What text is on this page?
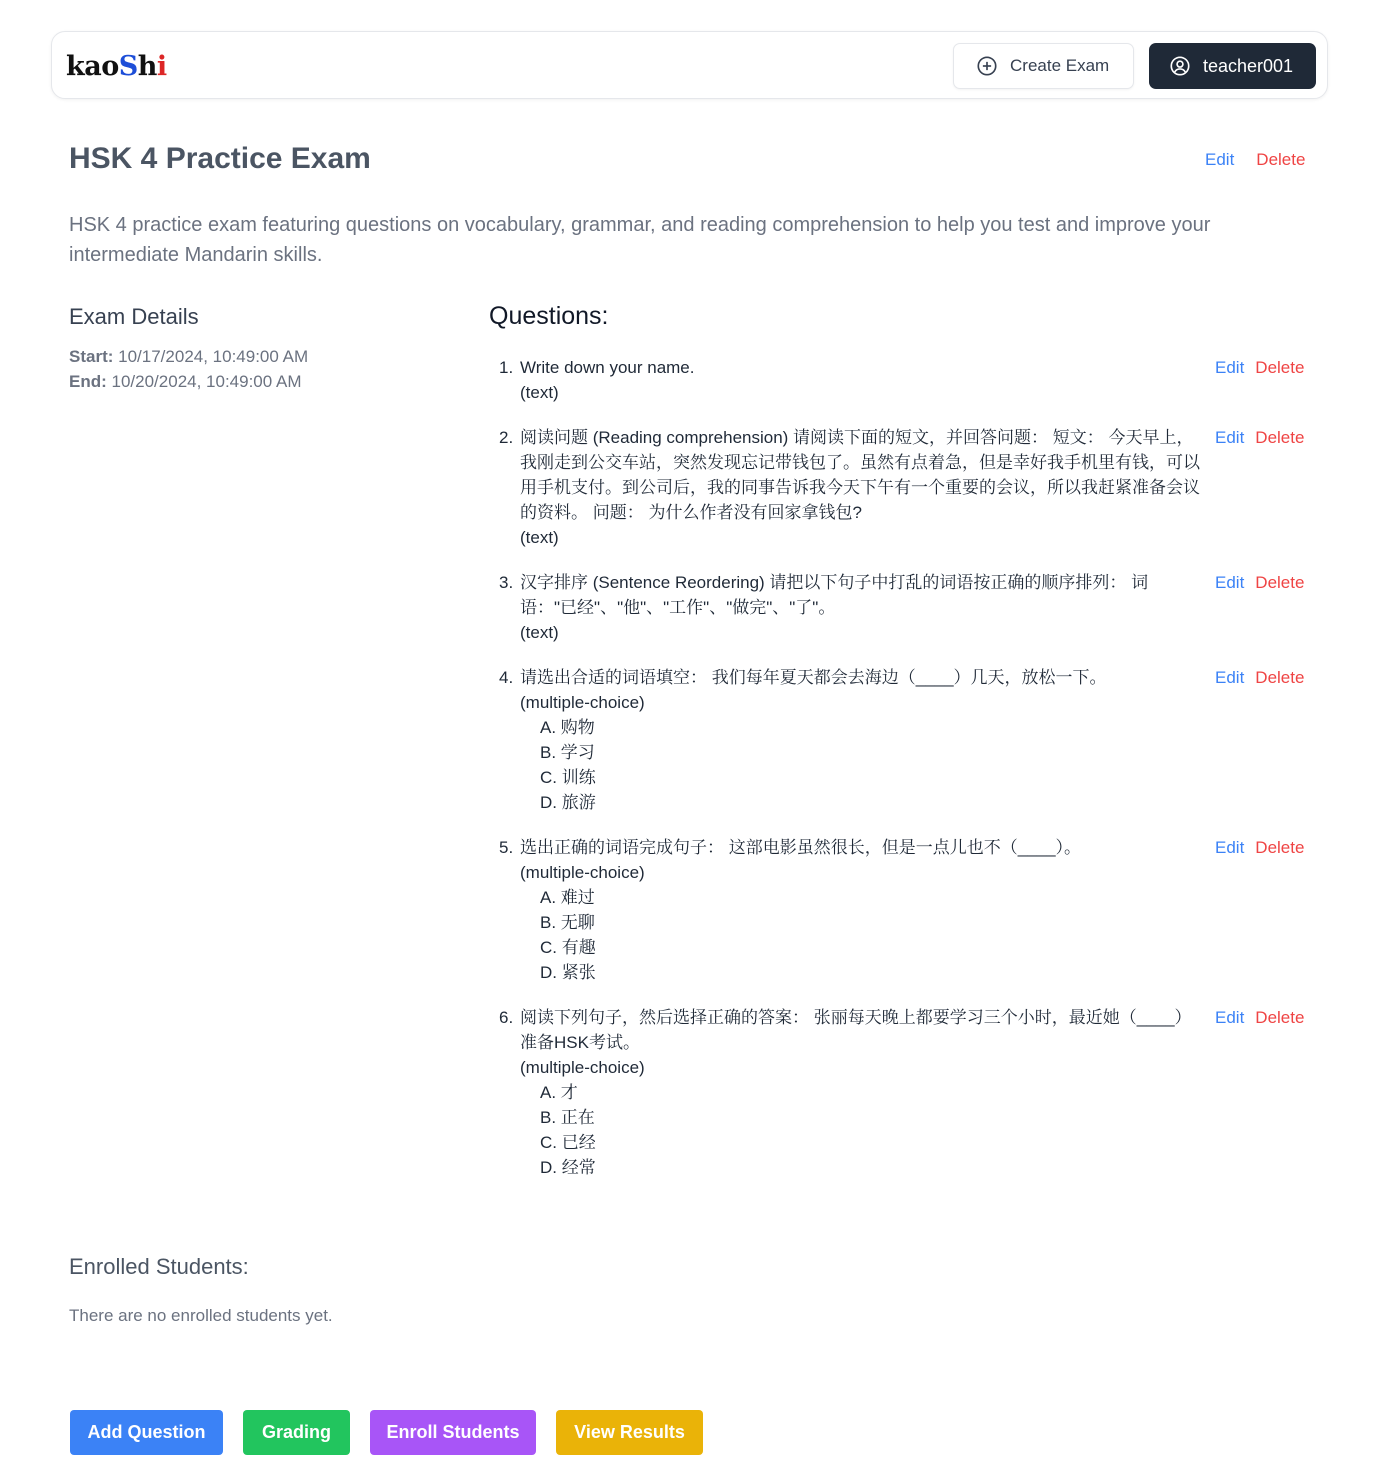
kaoShi	Create Exam	teacher001
HSK 4 Practice Exam	Edit Delete
HSK 4 practice exam featuring questions on vocabulary, grammar, and reading comprehension to help you test and improve your intermediate Mandarin skills.
Exam Details
Start: 10/17/2024, 10:49:00 AM
End: 10/20/2024, 10:49:00 AM
Questions:
1. Write down your name.
(text)
Edit Delete
2. 阅读问题 (Reading comprehension) 请阅读下面的短文，并回答问题： 短文： 今天早上，我刚走到公交车站，突然发现忘记带钱包了。虽然有点着急，但是幸好我手机里有钱，可以用手机支付。到公司后，我的同事告诉我今天下午有一个重要的会议，所以我赶紧准备会议的资料。 问题： 为什么作者没有回家拿钱包?
(text)
Edit Delete
3. 汉字排序 (Sentence Reordering) 请把以下句子中打乱的词语按正确的顺序排列： 词语："已经"、"他"、"工作"、"做完"、"了"。
(text)
Edit Delete
4. 请选出合适的词语填空： 我们每年夏天都会去海边（____）几天，放松一下。
(multiple-choice)
A. 购物
B. 学习
C. 训练
D. 旅游
Edit Delete
5. 选出正确的词语完成句子： 这部电影虽然很长，但是一点儿也不（____）。
(multiple-choice)
A. 难过
B. 无聊
C. 有趣
D. 紧张
Edit Delete
6. 阅读下列句子，然后选择正确的答案： 张丽每天晚上都要学习三个小时，最近她（____）准备HSK考试。
(multiple-choice)
A. 才
B. 正在
C. 已经
D. 经常
Edit Delete
Enrolled Students:
There are no enrolled students yet.
Add Question	Grading	Enroll Students	View Results
